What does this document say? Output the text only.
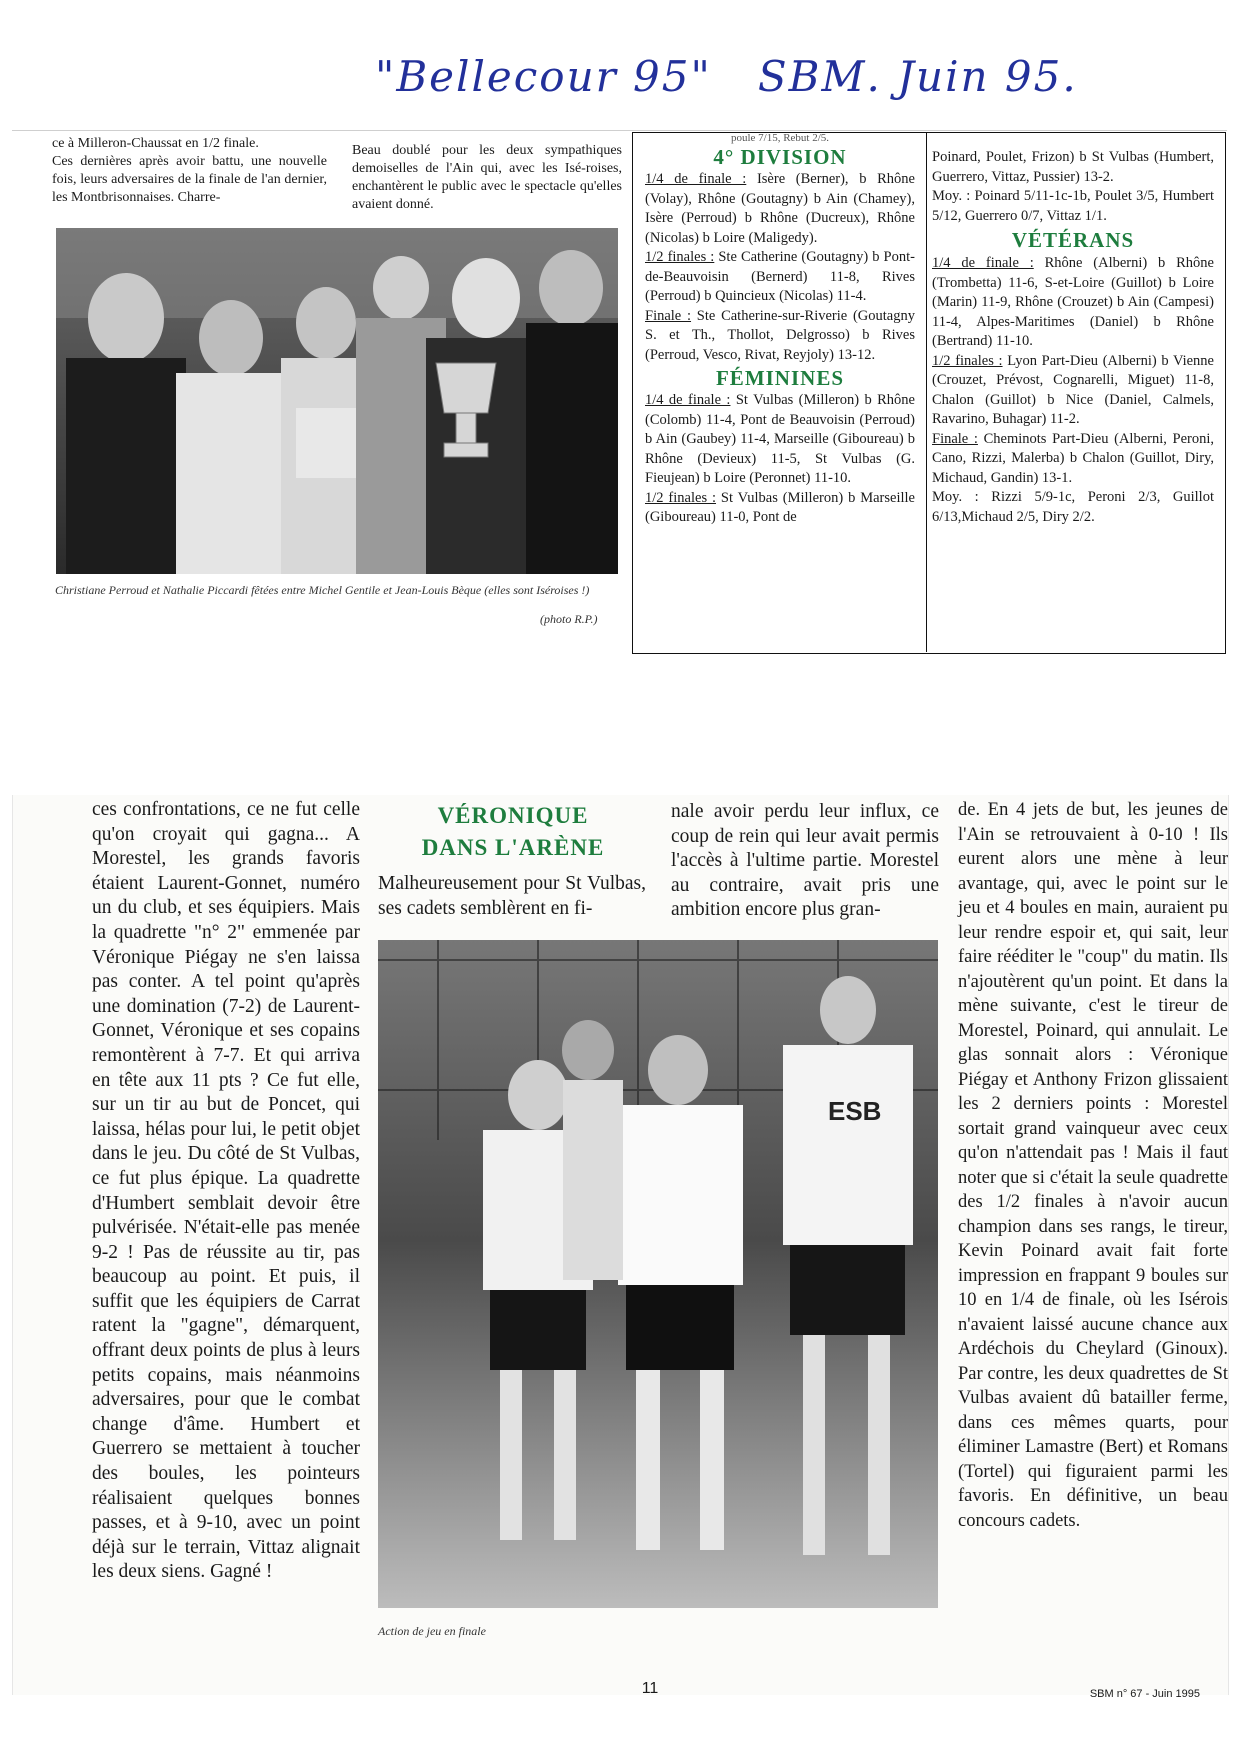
"Bellecour 95"   SBM. Juin 95.

ce à Milleron-Chaussat en 1/2 finale.

Ces dernières après avoir battu, une nouvelle fois, leurs adversaires de la finale de l'an dernier, les Montbrisonnaises. Charre-

Beau doublé pour les deux sympathiques demoiselles de l'Ain qui, avec les Isé-roises, enchantèrent le public avec le spectacle qu'elles avaient donné.

Christiane Perroud et Nathalie Piccardi fêtées entre Michel Gentile et Jean-Louis Bèque (elles sont Iséroises !)
(photo R.P.)

poule 7/15, Rebut 2/5.

4° DIVISION

1/4 de finale : Isère (Berner), b Rhône (Volay), Rhône (Goutagny) b Ain (Chamey), Isère (Perroud) b Rhône (Ducreux), Rhône (Nicolas) b Loire (Maligedy).

1/2 finales : Ste Catherine (Goutagny) b Pont-de-Beauvoisin (Bernerd) 11-8, Rives (Perroud) b Quincieux (Nicolas) 11-4.

Finale : Ste Catherine-sur-Riverie (Goutagny S. et Th., Thollot, Delgrosso) b Rives (Perroud, Vesco, Rivat, Reyjoly) 13-12.

FÉMININES

1/4 de finale : St Vulbas (Milleron) b Rhône (Colomb) 11-4, Pont de Beauvoisin (Perroud) b Ain (Gaubey) 11-4, Marseille (Giboureau) b Rhône (Devieux) 11-5, St Vulbas (G. Fieujean) b Loire (Peronnet) 11-10.

1/2 finales : St Vulbas (Milleron) b Marseille (Giboureau) 11-0, Pont de

Poinard, Poulet, Frizon) b St Vulbas (Humbert, Guerrero, Vittaz, Pussier) 13-2.

Moy. : Poinard 5/11-1c-1b, Poulet 3/5, Humbert 5/12, Guerrero 0/7, Vittaz 1/1.

VÉTÉRANS

1/4 de finale : Rhône (Alberni) b Rhône (Trombetta) 11-6, S-et-Loire (Guillot) b Loire (Marin) 11-9, Rhône (Crouzet) b Ain (Campesi) 11-4, Alpes-Maritimes (Daniel) b Rhône (Bertrand) 11-10.

1/2 finales : Lyon Part-Dieu (Alberni) b Vienne (Crouzet, Prévost, Cognarelli, Miguet) 11-8, Chalon (Guillot) b Nice (Daniel, Calmels, Ravarino, Buhagar) 11-2.

Finale : Cheminots Part-Dieu (Alberni, Peroni, Cano, Rizzi, Malerba) b Chalon (Guillot, Diry, Michaud, Gandin) 13-1.

Moy. : Rizzi 5/9-1c, Peroni 2/3, Guillot 6/13,Michaud 2/5, Diry 2/2.

ces confrontations, ce ne fut celle qu'on croyait qui gagna... A Morestel, les grands favoris étaient Laurent-Gonnet, numéro un du club, et ses équipiers. Mais la quadrette "n° 2" emmenée par Véronique Piégay ne s'en laissa pas conter. A tel point qu'après une domination (7-2) de Laurent-Gonnet, Véronique et ses copains remontèrent à 7-7. Et qui arriva en tête aux 11 pts ? Ce fut elle, sur un tir au but de Poncet, qui laissa, hélas pour lui, le petit objet dans le jeu. Du côté de St Vulbas, ce fut plus épique. La quadrette d'Humbert semblait devoir être pulvérisée. N'était-elle pas menée 9-2 ! Pas de réussite au tir, pas beaucoup au point. Et puis, il suffit que les équipiers de Carrat ratent la "gagne", démarquent, offrant deux points de plus à leurs petits copains, mais néanmoins adversaires, pour que le combat change d'âme. Humbert et Guerrero se mettaient à toucher des boules, les pointeurs réalisaient quelques bonnes passes, et à 9-10, avec un point déjà sur le terrain, Vittaz alignait les deux siens. Gagné !

VÉRONIQUE
DANS L'ARÈNE

Malheureusement pour St Vulbas, ses cadets semblèrent en fi-

nale avoir perdu leur influx, ce coup de rein qui leur avait permis l'accès à l'ultime partie. Morestel au contraire, avait pris une ambition encore plus gran-

ESB
Action de jeu en finale

de. En 4 jets de but, les jeunes de l'Ain se retrouvaient à 0-10 ! Ils eurent alors une mène à leur avantage, qui, avec le point sur le jeu et 4 boules en main, auraient pu leur rendre espoir et, qui sait, leur faire rééditer le "coup" du matin. Ils n'ajoutèrent qu'un point. Et dans la mène suivante, c'est le tireur de Morestel, Poinard, qui annulait. Le glas sonnait alors : Véronique Piégay et Anthony Frizon glissaient les 2 derniers points : Morestel sortait grand vainqueur avec ceux qu'on n'attendait pas ! Mais il faut noter que si c'était la seule quadrette des 1/2 finales à n'avoir aucun champion dans ses rangs, le tireur, Kevin Poinard avait fait forte impression en frappant 9 boules sur 10 en 1/4 de finale, où les Isérois n'avaient laissé aucune chance aux Ardéchois du Cheylard (Ginoux). Par contre, les deux quadrettes de St Vulbas avaient dû batailler ferme, dans ces mêmes quarts, pour éliminer Lamastre (Bert) et Romans (Tortel) qui figuraient parmi les favoris. En définitive, un beau concours cadets.

11	SBM n° 67 - Juin 1995
